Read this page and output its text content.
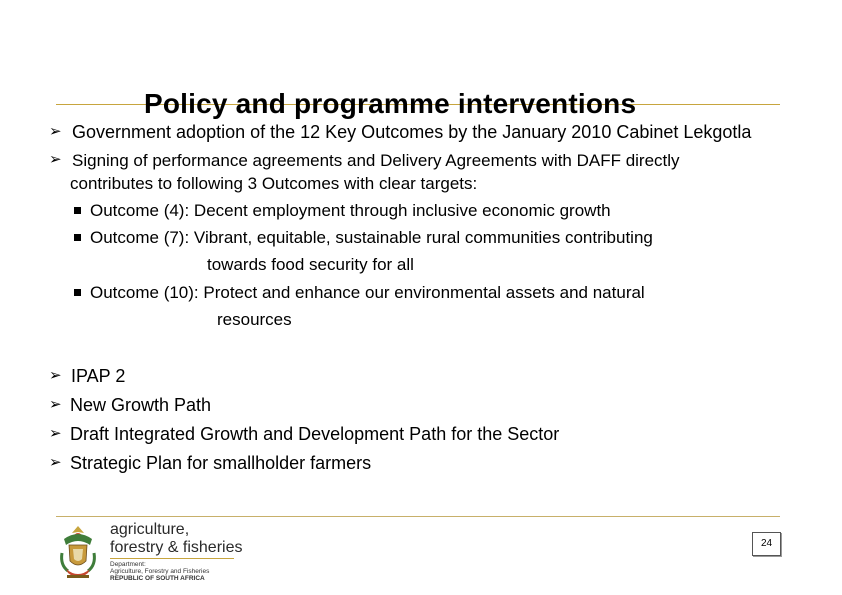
Policy and programme interventions
➢ Government adoption of the 12 Key Outcomes by the January 2010 Cabinet Lekgotla
➢ Signing of performance agreements and Delivery Agreements with DAFF directly
contributes to following 3 Outcomes with clear targets:
Outcome (4): Decent employment through inclusive economic growth
Outcome (7): Vibrant, equitable, sustainable rural communities contributing
towards food security for all
Outcome (10): Protect and enhance our environmental assets and natural
resources
➢ IPAP 2
➢ New Growth Path
➢ Draft Integrated Growth and Development Path for the Sector
➢ Strategic Plan for smallholder farmers
agriculture,
forestry & fisheries
Department:
Agriculture, Forestry and Fisheries
REPUBLIC OF SOUTH AFRICA
24
